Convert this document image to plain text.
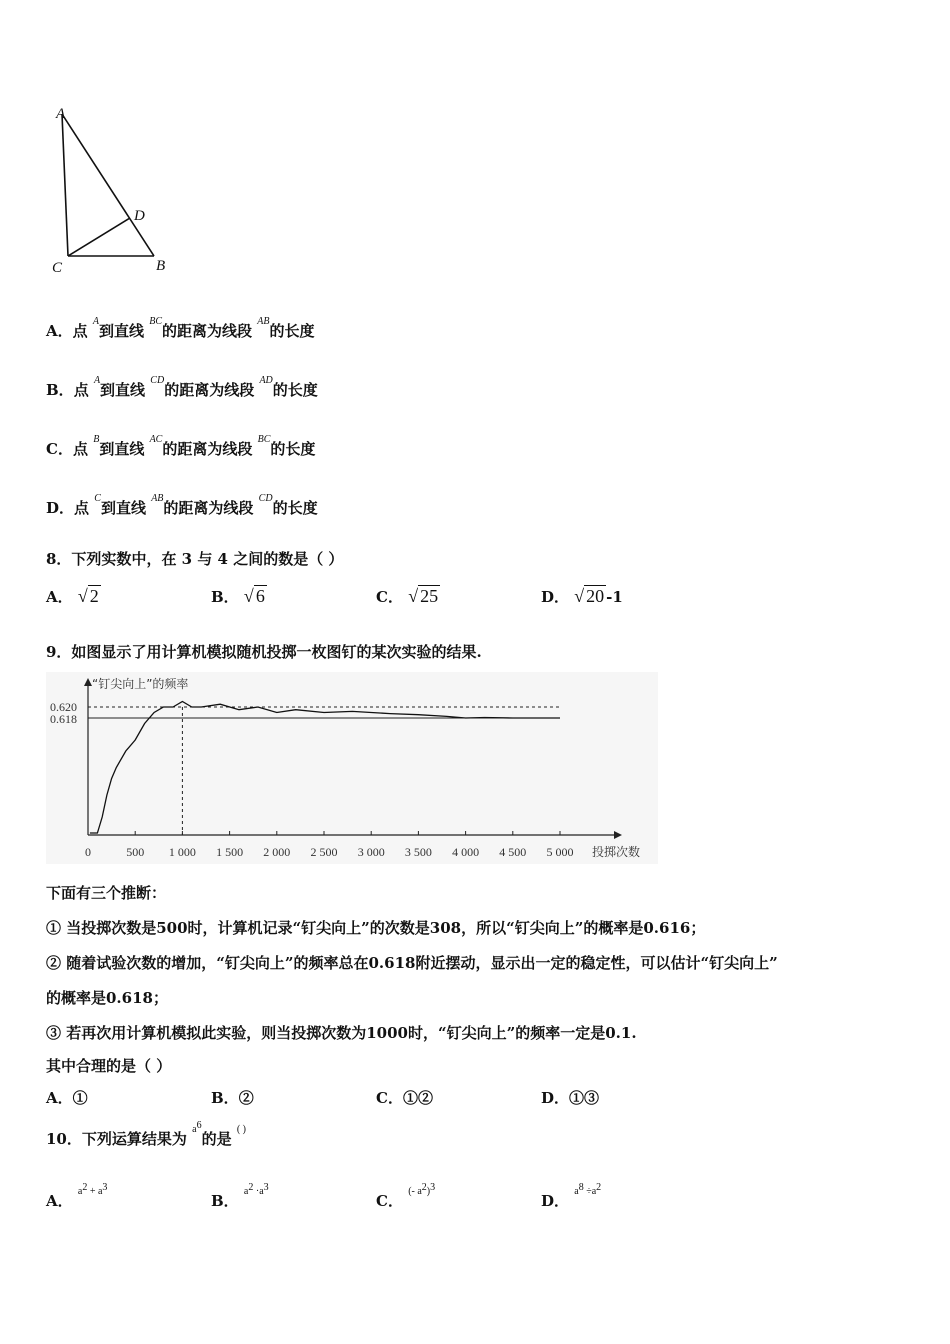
A
C	B
D
A．点 $^A$到直线 $^{BC}$的距离为线段 $^{AB}$的长度
B．点 $^A$到直线 $^{CD}$的距离为线段 $^{AD}$的长度
C．点 $^B$到直线 $^{AC}$的距离为线段 $^{BC}$的长度
D．点 $^C$到直线 $^{AB}$的距离为线段 $^{CD}$的长度
8．下列实数中，在 3 与 4 之间的数是（ ）
A． √ 2	B． √ 6	C． √ 25	D． √ 20 -1
9．如图显示了用计算机模拟随机投掷一枚图钉的某次实验的结果.
“钉尖向上”的频率
投掷次数
0.620
0.618
0	500 1 000 1 500 2 000 2 500 3 000 3 500 4 000 4 500 5 000
下面有三个推断：
① 当投掷次数是500时，计算机记录“钉尖向上”的次数是308，所以“钉尖向上”的概率是0.616；
② 随着试验次数的增加，“钉尖向上”的频率总在0.618附近摆动，显示出一定的稳定性，可以估计“钉尖向上”
的概率是0.618；
③ 若再次用计算机模拟此实验，则当投掷次数为1000时，“钉尖向上”的频率一定是0.1.
其中合理的是（ ）
A．①	B．②	C．①②	D．①③
10．下列运算结果为 $^{a6}$的是 ( )
A． $^{a2 + a3}$
B． $^{a2 \cdot a3}$
C． $^{(- a2)3}$
D． $^{a8 \div a2}$
